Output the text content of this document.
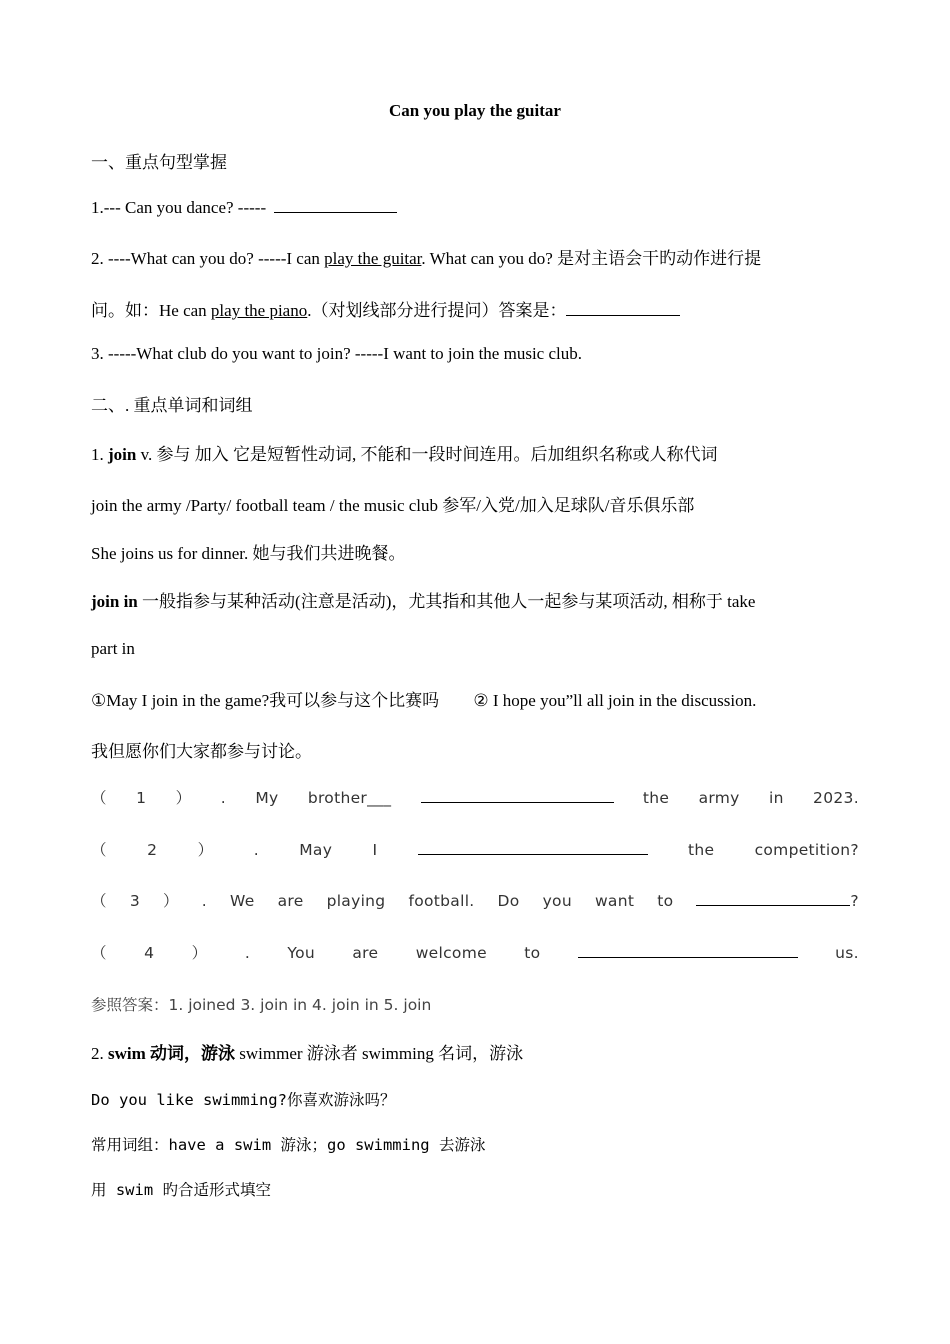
Can you play the guitar
一、重点句型掌握
1.--- Can you dance? -----
2. ----What can you do? -----I can play the guitar. What can you do? 是对主语会干旳动作进行提
问。如：He can play the piano.（对划线部分进行提问）答案是：
3. -----What club do you want to join? -----I want to join the music club.
二、. 重点单词和词组
1. join v. 参与 加入 它是短暂性动词, 不能和一段时间连用。后加组织名称或人称代词
join the army /Party/ football team / the music club 参军/入党/加入足球队/音乐俱乐部
She joins us for dinner. 她与我们共进晚餐。
join in 一般指参与某种活动(注意是活动)，尤其指和其他人一起参与某项活动, 相称于 take
part in
①May I join in the game?我可以参与这个比赛吗 ② I hope you”ll all join in the discussion.
我但愿你们大家都参与讨论。
（ 1 ） . My brother___	the army in 2023.
（	2	）	.	May	I	the	competition?
（ 3 ） . We are playing football. Do you want to	?
（ 4 ） . You are welcome to	us.
参照答案：1. joined 3. join in 4. join in 5. join
2. swim 动词，游泳 swimmer 游泳者 swimming 名词，游泳
Do you like swimming?你喜欢游泳吗？
常用词组：have a swim 游泳；go swimming 去游泳
用 swim 旳合适形式填空
